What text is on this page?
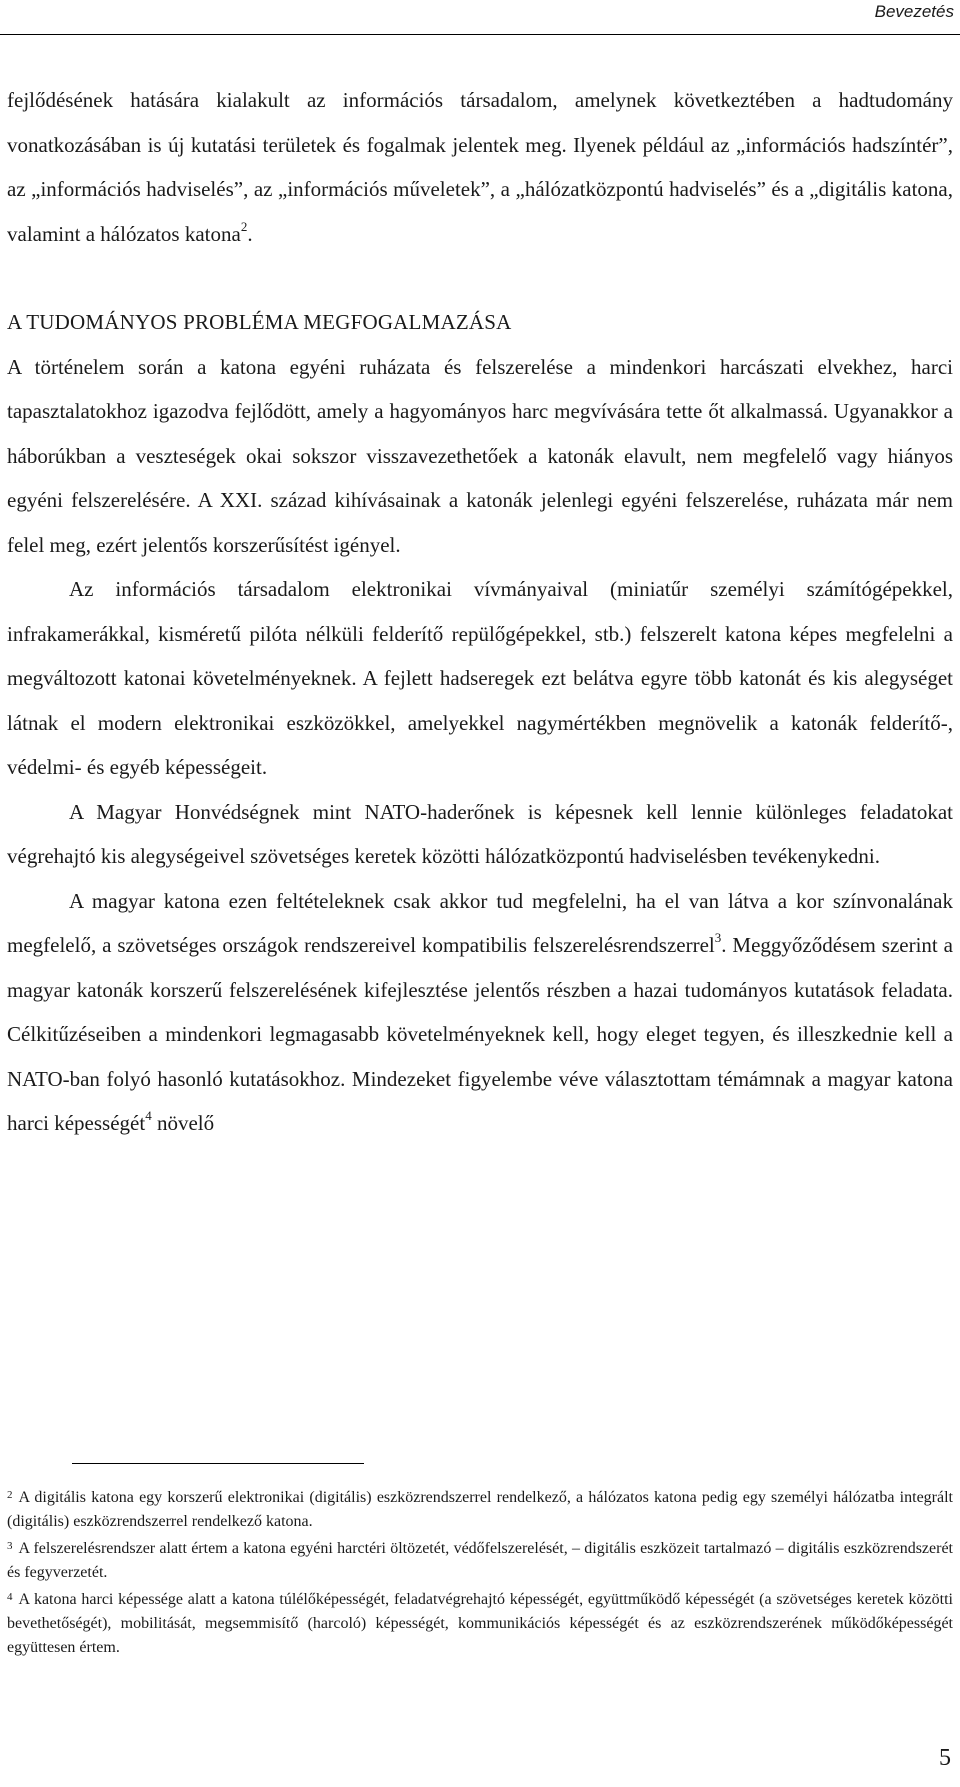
Bevezetés

fejlődésének hatására kialakult az információs társadalom, amelynek következtében a hadtudomány vonatkozásában is új kutatási területek és fogalmak jelentek meg. Ilyenek például az „információs hadszíntér”, az „információs hadviselés”, az „információs műveletek”, a „hálózatközpontú hadviselés” és a „digitális katona, valamint a hálózatos katona$^2$.

A TUDOMÁNYOS PROBLÉMA MEGFOGALMAZÁSA

A történelem során a katona egyéni ruházata és felszerelése a mindenkori harcászati elvekhez, harci tapasztalatokhoz igazodva fejlődött, amely a hagyományos harc megvívására tette őt alkalmassá. Ugyanakkor a háborúkban a veszteségek okai sokszor visszavezethetőek a katonák elavult, nem megfelelő vagy hiányos egyéni felszerelésére. A XXI. század kihívásainak a katonák jelenlegi egyéni felszerelése, ruházata már nem felel meg, ezért jelentős korszerűsítést igényel.

Az információs társadalom elektronikai vívmányaival (miniatűr személyi számítógépekkel, infrakamerákkal, kisméretű pilóta nélküli felderítő repülőgépekkel, stb.) felszerelt katona képes megfelelni a megváltozott katonai követelményeknek. A fejlett hadseregek ezt belátva egyre több katonát és kis alegységet látnak el modern elektronikai eszközökkel, amelyekkel nagymértékben megnövelik a katonák felderítő-, védelmi- és egyéb képességeit.

A Magyar Honvédségnek mint NATO-haderőnek is képesnek kell lennie különleges feladatokat végrehajtó kis alegységeivel szövetséges keretek közötti hálózatközpontú hadviselésben tevékenykedni.

A magyar katona ezen feltételeknek csak akkor tud megfelelni, ha el van látva a kor színvonalának megfelelő, a szövetséges országok rendszereivel kompatibilis felszerelésrendszerrel$^3$. Meggyőződésem szerint a magyar katonák korszerű felszerelésének kifejlesztése jelentős részben a hazai tudományos kutatások feladata. Célkitűzéseiben a mindenkori legmagasabb követelményeknek kell, hogy eleget tegyen, és illeszkednie kell a NATO-ban folyó hasonló kutatásokhoz. Mindezeket figyelembe véve választottam témámnak a magyar katona harci képességét$^4$ növelő

$^2$ A digitális katona egy korszerű elektronikai (digitális) eszközrendszerrel rendelkező, a hálózatos katona pedig egy személyi hálózatba integrált (digitális) eszközrendszerrel rendelkező katona.

$^3$ A felszerelésrendszer alatt értem a katona egyéni harctéri öltözetét, védőfelszerelését, – digitális eszközeit tartalmazó – digitális eszközrendszerét és fegyverzetét.

$^4$ A katona harci képessége alatt a katona túlélőképességét, feladatvégrehajtó képességét, együttműködő képességét (a szövetséges keretek közötti bevethetőségét), mobilitását, megsemmisítő (harcoló) képességét, kommunikációs képességét és az eszközrendszerének működőképességét együttesen értem.

5
